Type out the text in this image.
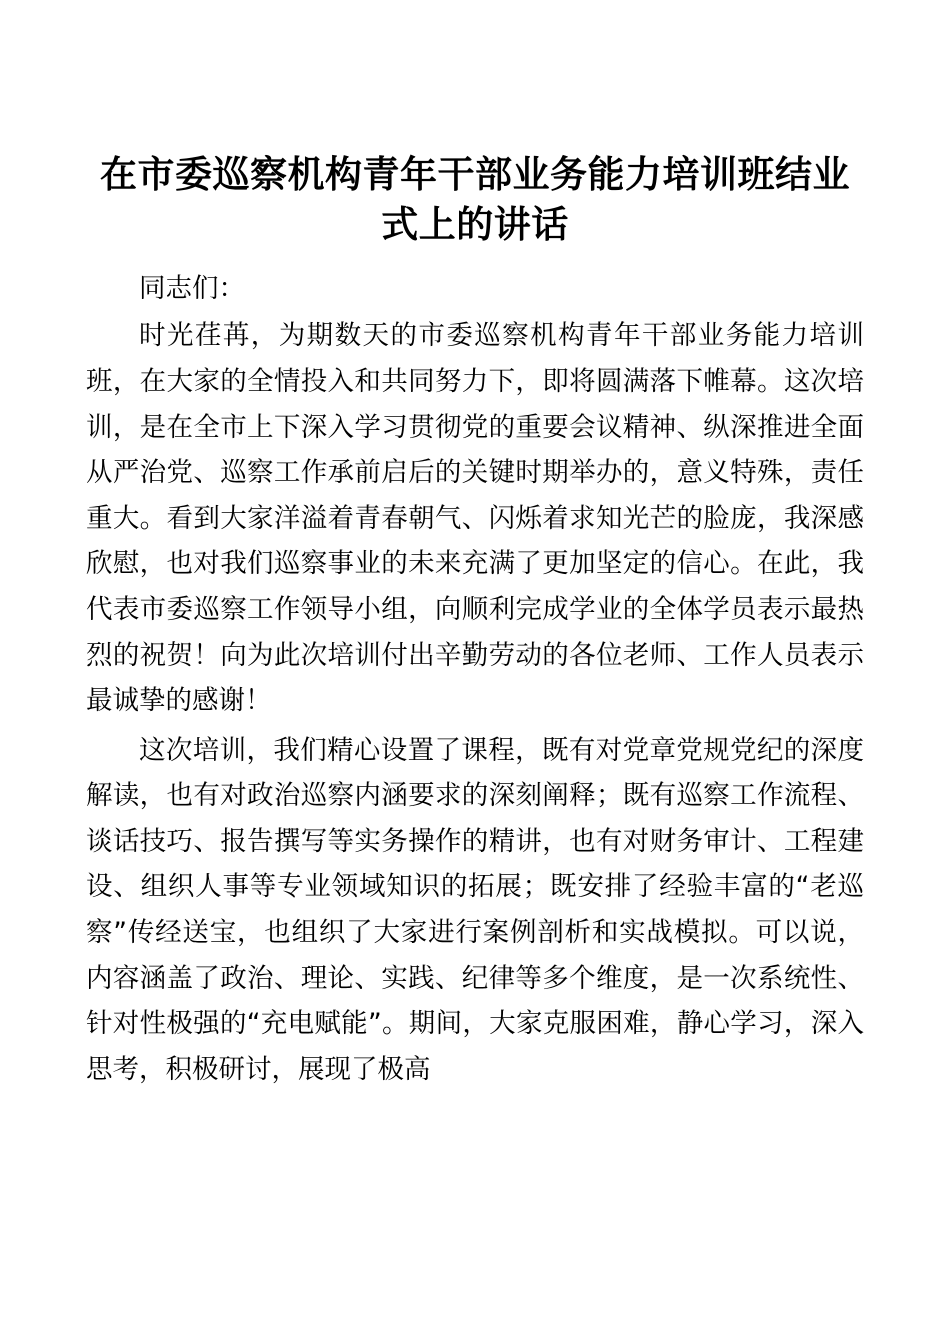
在市委巡察机构青年干部业务能力培训班结业式上的讲话

同志们：

时光荏苒，为期数天的市委巡察机构青年干部业务能力培训班，在大家的全情投入和共同努力下，即将圆满落下帷幕。这次培训，是在全市上下深入学习贯彻党的重要会议精神、纵深推进全面从严治党、巡察工作承前启后的关键时期举办的，意义特殊，责任重大。看到大家洋溢着青春朝气、闪烁着求知光芒的脸庞，我深感欣慰，也对我们巡察事业的未来充满了更加坚定的信心。在此，我代表市委巡察工作领导小组，向顺利完成学业的全体学员表示最热烈的祝贺！向为此次培训付出辛勤劳动的各位老师、工作人员表示最诚挚的感谢！

这次培训，我们精心设置了课程，既有对党章党规党纪的深度解读，也有对政治巡察内涵要求的深刻阐释；既有巡察工作流程、谈话技巧、报告撰写等实务操作的精讲，也有对财务审计、工程建设、组织人事等专业领域知识的拓展；既安排了经验丰富的“老巡察”传经送宝，也组织了大家进行案例剖析和实战模拟。可以说，内容涵盖了政治、理论、实践、纪律等多个维度，是一次系统性、针对性极强的“充电赋能”。期间，大家克服困难，静心学习，深入思考，积极研讨，展现了极高
